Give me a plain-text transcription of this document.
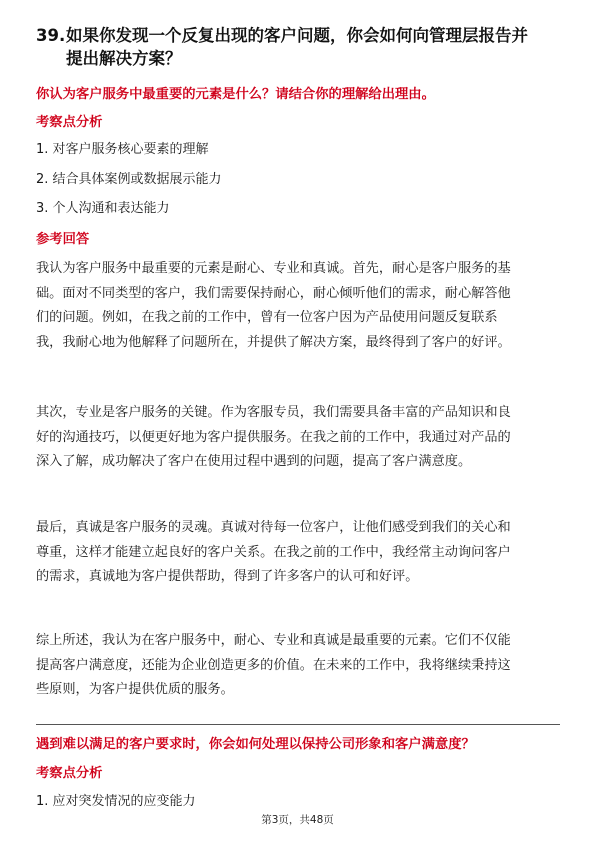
39.如果你发现一个反复出现的客户问题，你会如何向管理层报告并
提出解决方案？
你认为客户服务中最重要的元素是什么？请结合你的理解给出理由。
考察点分析
1. 对客户服务核心要素的理解
2. 结合具体案例或数据展示能力
3. 个人沟通和表达能力
参考回答
我认为客户服务中最重要的元素是耐心、专业和真诚。首先，耐心是客户服务的基
础。面对不同类型的客户，我们需要保持耐心，耐心倾听他们的需求，耐心解答他
们的问题。例如，在我之前的工作中，曾有一位客户因为产品使用问题反复联系
我，我耐心地为他解释了问题所在，并提供了解决方案，最终得到了客户的好评。
其次，专业是客户服务的关键。作为客服专员，我们需要具备丰富的产品知识和良
好的沟通技巧，以便更好地为客户提供服务。在我之前的工作中，我通过对产品的
深入了解，成功解决了客户在使用过程中遇到的问题，提高了客户满意度。
最后，真诚是客户服务的灵魂。真诚对待每一位客户，让他们感受到我们的关心和
尊重，这样才能建立起良好的客户关系。在我之前的工作中，我经常主动询问客户
的需求，真诚地为客户提供帮助，得到了许多客户的认可和好评。
综上所述，我认为在客户服务中，耐心、专业和真诚是最重要的元素。它们不仅能
提高客户满意度，还能为企业创造更多的价值。在未来的工作中，我将继续秉持这
些原则，为客户提供优质的服务。
遇到难以满足的客户要求时，你会如何处理以保持公司形象和客户满意度？
考察点分析
1. 应对突发情况的应变能力
第3页，共48页
